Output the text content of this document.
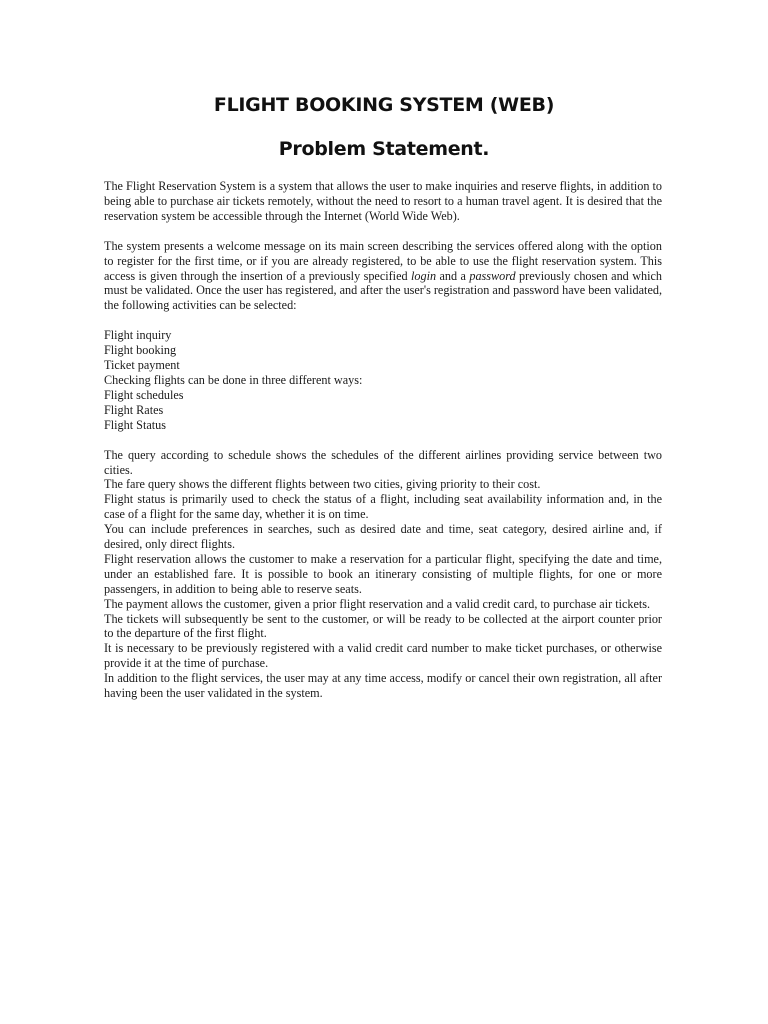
FLIGHT BOOKING SYSTEM (WEB)
Problem Statement.

The Flight Reservation System is a system that allows the user to make inquiries and reserve flights, in addition to being able to purchase air tickets remotely, without the need to resort to a human travel agent. It is desired that the reservation system be accessible through the Internet (World Wide Web).

The system presents a welcome message on its main screen describing the services offered along with the option to register for the first time, or if you are already registered, to be able to use the flight reservation system. This access is given through the insertion of a previously specified login and a password previously chosen and which must be validated. Once the user has registered, and after the user's registration and password have been validated, the following activities can be selected:

Flight inquiry

Flight booking

Ticket payment

Checking flights can be done in three different ways:

Flight schedules

Flight Rates

Flight Status

The query according to schedule shows the schedules of the different airlines providing service between two cities.

The fare query shows the different flights between two cities, giving priority to their cost.

Flight status is primarily used to check the status of a flight, including seat availability information and, in the case of a flight for the same day, whether it is on time.

You can include preferences in searches, such as desired date and time, seat category, desired airline and, if desired, only direct flights.

Flight reservation allows the customer to make a reservation for a particular flight, specifying the date and time, under an established fare. It is possible to book an itinerary consisting of multiple flights, for one or more passengers, in addition to being able to reserve seats.

The payment allows the customer, given a prior flight reservation and a valid credit card, to purchase air tickets.

The tickets will subsequently be sent to the customer, or will be ready to be collected at the airport counter prior to the departure of the first flight.

It is necessary to be previously registered with a valid credit card number to make ticket purchases, or otherwise provide it at the time of purchase.

In addition to the flight services, the user may at any time access, modify or cancel their own registration, all after having been the user validated in the system.
